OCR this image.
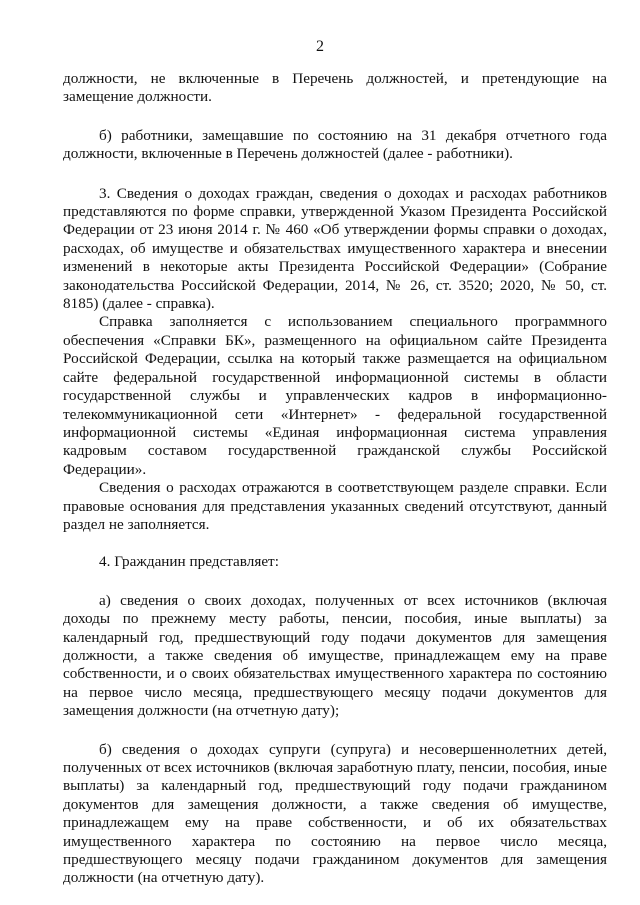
2

должности, не включенные в Перечень должностей, и претендующие на замещение должности.

б) работники, замещавшие по состоянию на 31 декабря отчетного года должности, включенные в Перечень должностей (далее - работники).

3. Сведения о доходах граждан, сведения о доходах и расходах работников представляются по форме справки, утвержденной Указом Президента Российской Федерации от 23 июня 2014 г. № 460 «Об утверждении формы справки о доходах, расходах, об имуществе и обязательствах имущественного характера и внесении изменений в некоторые акты Президента Российской Федерации» (Собрание законодательства Российской Федерации, 2014, № 26, ст. 3520; 2020, № 50, ст. 8185) (далее - справка).

Справка заполняется с использованием специального программного обеспечения «Справки БК», размещенного на официальном сайте Президента Российской Федерации, ссылка на который также размещается на официальном сайте федеральной государственной информационной системы в области государственной службы и управленческих кадров в информационно-телекоммуникационной сети «Интернет» - федеральной государственной информационной системы «Единая информационная система управления кадровым составом государственной гражданской службы Российской Федерации».

Сведения о расходах отражаются в соответствующем разделе справки. Если правовые основания для представления указанных сведений отсутствуют, данный раздел не заполняется.

4. Гражданин представляет:

а) сведения о своих доходах, полученных от всех источников (включая доходы по прежнему месту работы, пенсии, пособия, иные выплаты) за календарный год, предшествующий году подачи документов для замещения должности, а также сведения об имуществе, принадлежащем ему на праве собственности, и о своих обязательствах имущественного характера по состоянию на первое число месяца, предшествующего месяцу подачи документов для замещения должности (на отчетную дату);

б) сведения о доходах супруги (супруга) и несовершеннолетних детей, полученных от всех источников (включая заработную плату, пенсии, пособия, иные выплаты) за календарный год, предшествующий году подачи гражданином документов для замещения должности, а также сведения об имуществе, принадлежащем ему на праве собственности, и об их обязательствах имущественного характера по состоянию на первое число месяца, предшествующего месяцу подачи гражданином документов для замещения должности (на отчетную дату).
